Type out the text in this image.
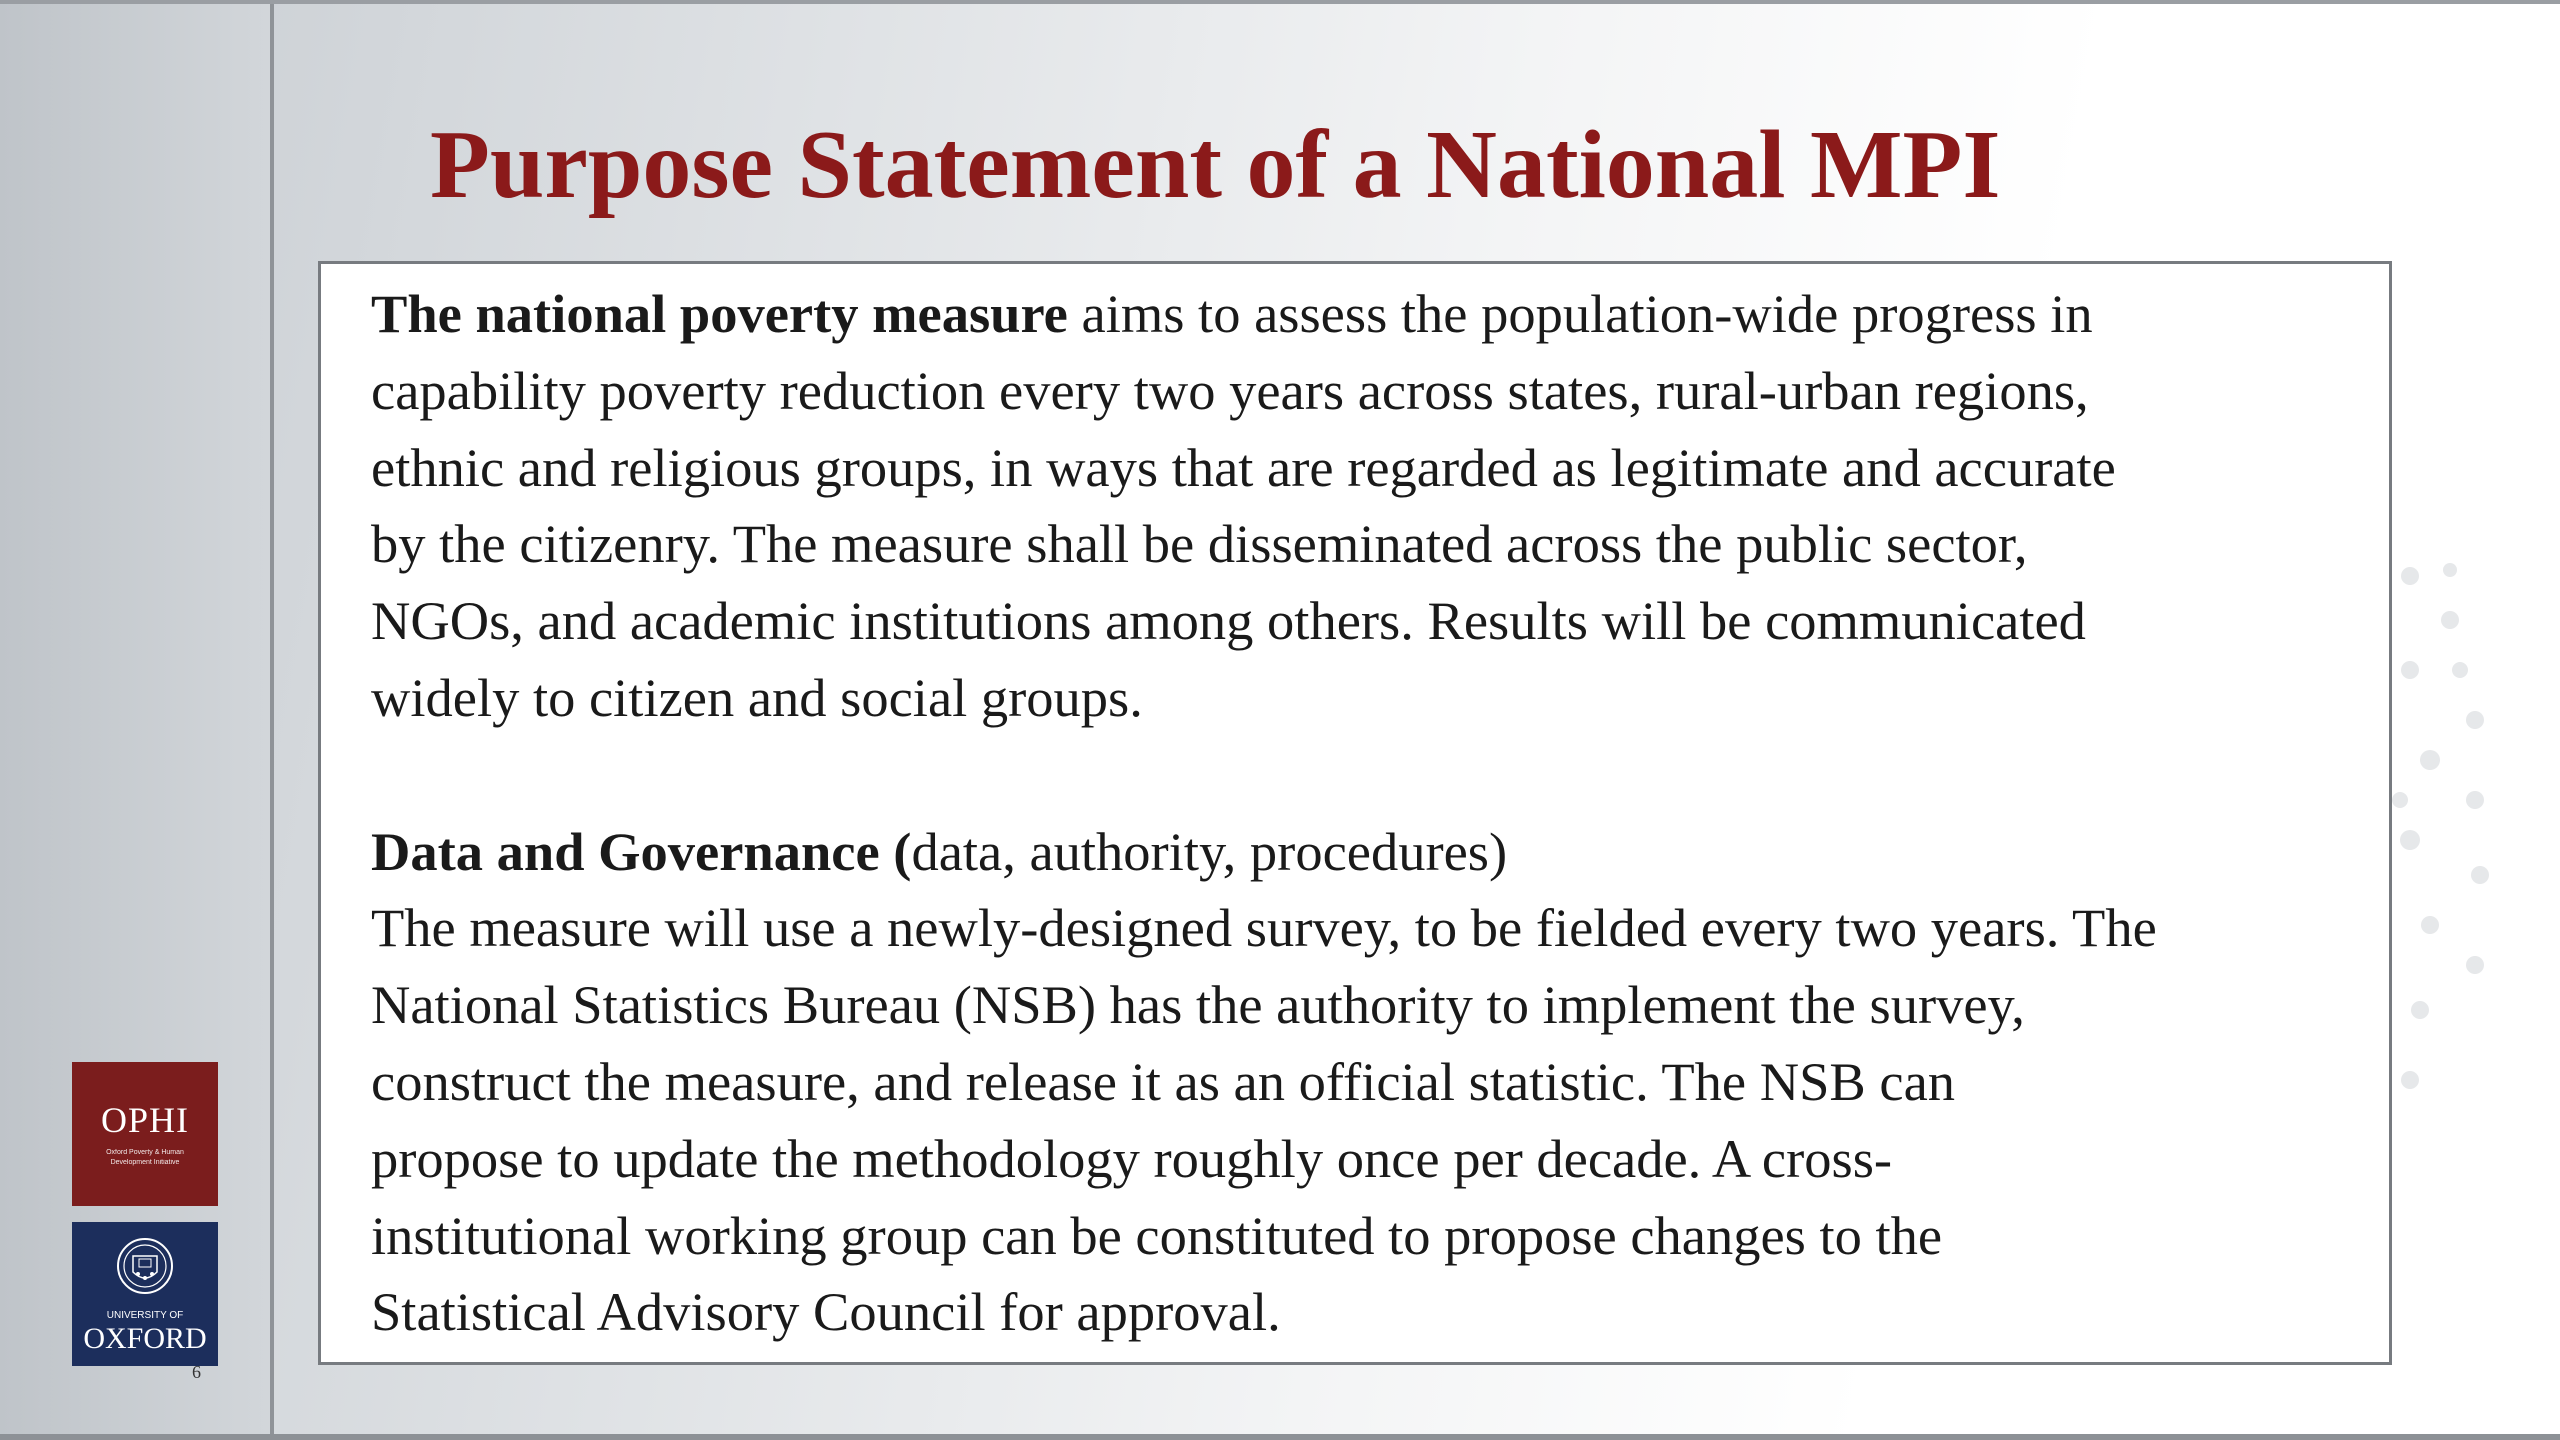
Purpose Statement of a National MPI
The national poverty measure aims to assess the population-wide progress in
capability poverty reduction every two years across states, rural-urban regions,
ethnic and religious groups, in ways that are regarded as legitimate and accurate
by the citizenry. The measure shall be disseminated across the public sector,
NGOs, and academic institutions among others. Results will be communicated
widely to citizen and social groups.
Data and Governance (data, authority, procedures)
The measure will use a newly-designed survey, to be fielded every two years. The
National Statistics Bureau (NSB) has the authority to implement the survey,
construct the measure, and release it as an official statistic. The NSB can
propose to update the methodology roughly once per decade. A cross-
institutional working group can be constituted to propose changes to the
Statistical Advisory Council for approval.
OPHI
Oxford Poverty & Human
Development Initiative
UNIVERSITY OF
OXFORD
6
